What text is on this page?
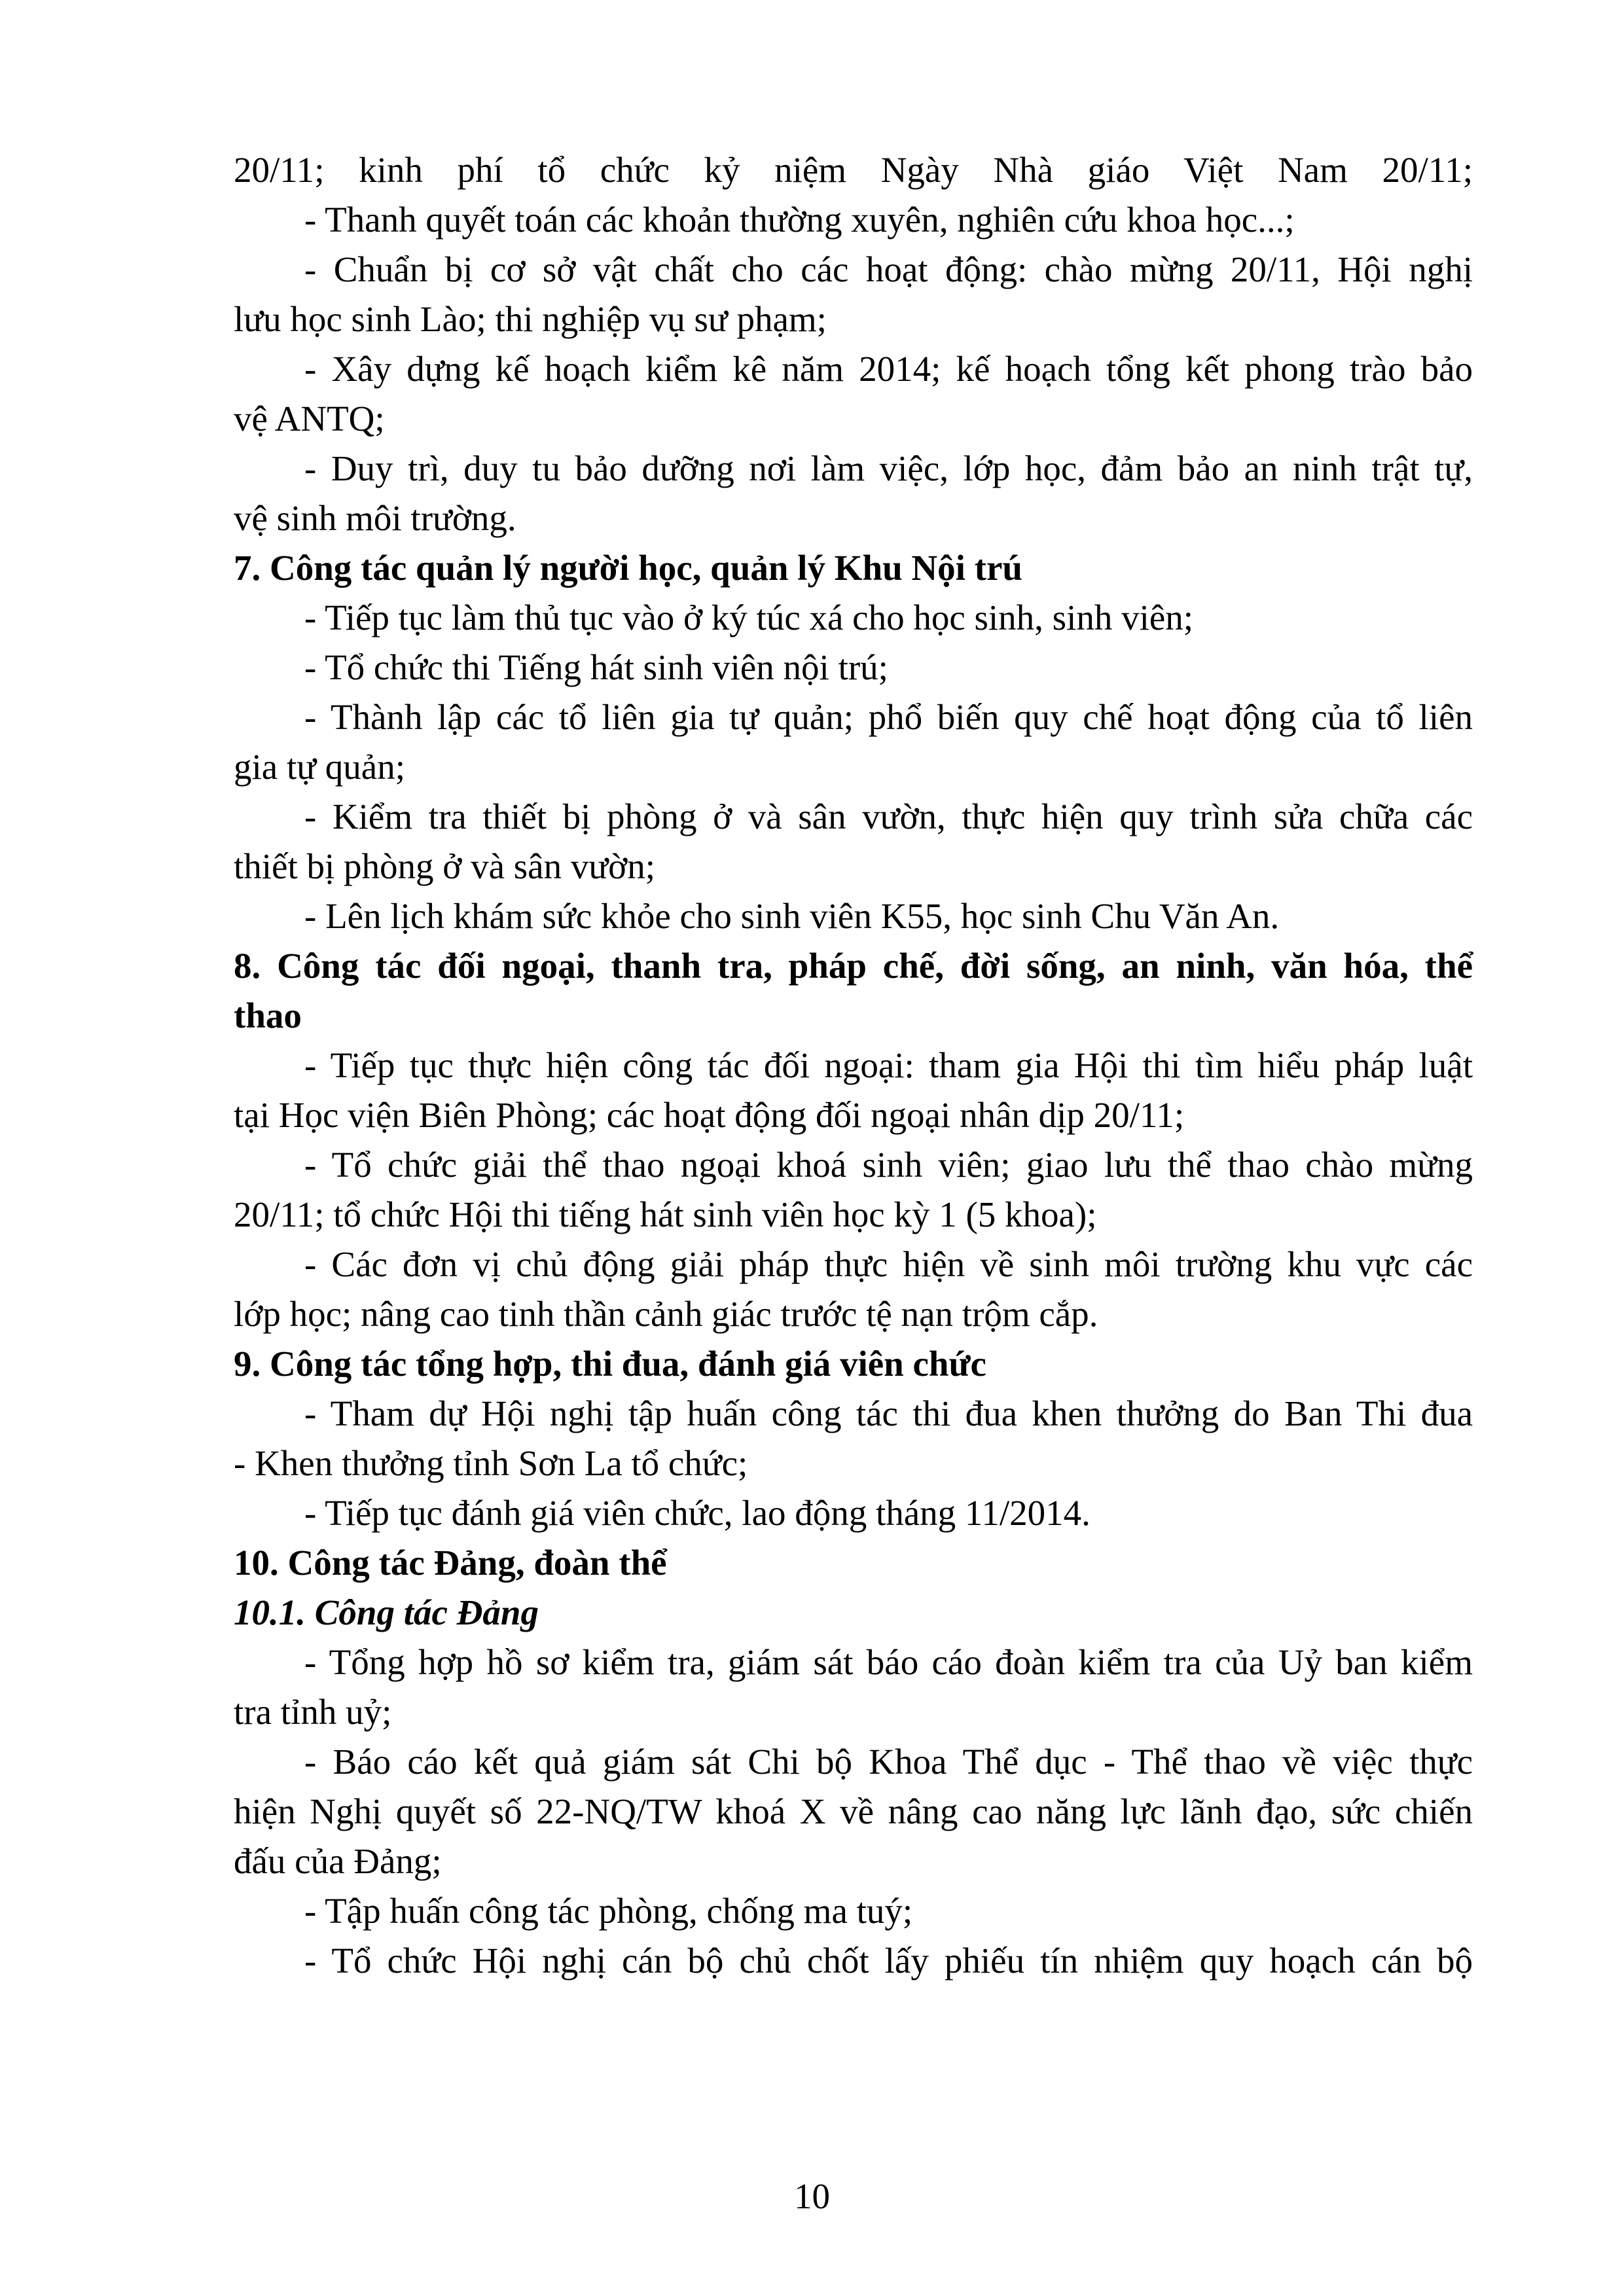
20/11; kinh phí tổ chức kỷ niệm Ngày Nhà giáo Việt Nam 20/11;
- Thanh quyết toán các khoản thường xuyên, nghiên cứu khoa học...;
- Chuẩn bị cơ sở vật chất cho các hoạt động: chào mừng 20/11, Hội nghị
lưu học sinh Lào; thi nghiệp vụ sư phạm;
- Xây dựng kế hoạch kiểm kê năm 2014; kế hoạch tổng kết phong trào bảo
vệ ANTQ;
- Duy trì, duy tu bảo dưỡng nơi làm việc, lớp học, đảm bảo an ninh trật tự,
vệ sinh môi trường.
7. Công tác quản lý người học, quản lý Khu Nội trú
- Tiếp tục làm thủ tục vào ở ký túc xá cho học sinh, sinh viên;
- Tổ chức thi Tiếng hát sinh viên nội trú;
- Thành lập các tổ liên gia tự quản; phổ biến quy chế hoạt động của tổ liên
gia tự quản;
- Kiểm tra thiết bị phòng ở và sân vườn, thực hiện quy trình sửa chữa các
thiết bị phòng ở và sân vườn;
- Lên lịch khám sức khỏe cho sinh viên K55, học sinh Chu Văn An.
8. Công tác đối ngoại, thanh tra, pháp chế, đời sống, an ninh, văn hóa, thể
thao
- Tiếp tục thực hiện công tác đối ngoại: tham gia Hội thi tìm hiểu pháp luật
tại Học viện Biên Phòng; các hoạt động đối ngoại nhân dịp 20/11;
- Tổ chức giải thể thao ngoại khoá sinh viên; giao lưu thể thao chào mừng
20/11; tổ chức Hội thi tiếng hát sinh viên học kỳ 1 (5 khoa);
- Các đơn vị chủ động giải pháp thực hiện về sinh môi trường khu vực các
lớp học; nâng cao tinh thần cảnh giác trước tệ nạn trộm cắp.
9. Công tác tổng hợp, thi đua, đánh giá viên chức
- Tham dự Hội nghị tập huấn công tác thi đua khen thưởng do Ban Thi đua
- Khen thưởng tỉnh Sơn La tổ chức;
- Tiếp tục đánh giá viên chức, lao động tháng 11/2014.
10. Công tác Đảng, đoàn thể
10.1. Công tác Đảng
- Tổng hợp hồ sơ kiểm tra, giám sát báo cáo đoàn kiểm tra của Uỷ ban kiểm
tra tỉnh uỷ;
- Báo cáo kết quả giám sát Chi bộ Khoa Thể dục - Thể thao về việc thực
hiện Nghị quyết số 22-NQ/TW khoá X về nâng cao năng lực lãnh đạo, sức chiến
đấu của Đảng;
- Tập huấn công tác phòng, chống ma tuý;
- Tổ chức Hội nghị cán bộ chủ chốt lấy phiếu tín nhiệm quy hoạch cán bộ
10
